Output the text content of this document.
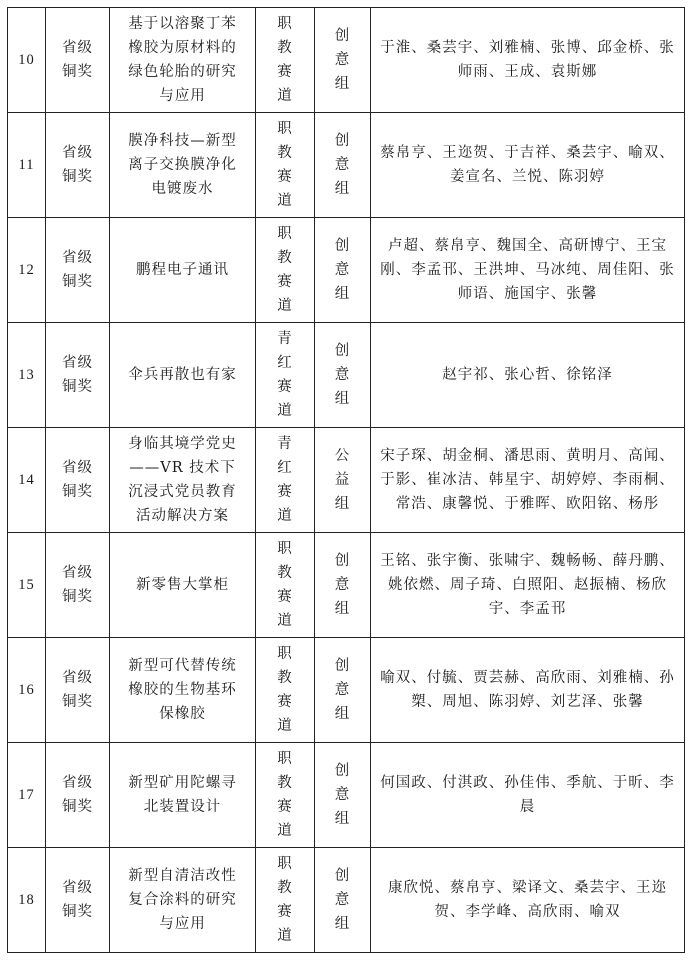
10	省级铜奖	基于以溶聚丁苯橡胶为原材料的绿色轮胎的研究与应用	职教赛道	创意组	于淮、桑芸宇、刘雅楠、张博、邱金桥、张师雨、王成、袁斯娜

11	省级铜奖	膜净科技—新型离子交换膜净化电镀废水	职教赛道	创意组	蔡帛亨、王迩贺、于吉祥、桑芸宇、喻双、姜宣名、兰悦、陈羽婷

12	省级铜奖	鹏程电子通讯	职教赛道	创意组	卢超、蔡帛亨、魏国全、高研博宁、王宝刚、李孟邗、王洪坤、马冰纯、周佳阳、张师语、施国宇、张馨

13	省级铜奖	伞兵再散也有家	青红赛道	创意组	赵宇祁、张心哲、徐铭泽

14	省级铜奖	身临其境学党史——VR 技术下沉浸式党员教育活动解决方案	青红赛道	公益组	宋子琛、胡金桐、潘思雨、黄明月、高闻、于影、崔冰洁、韩星宇、胡婷婷、李雨桐、常浩、康馨悦、于雅晖、欧阳铭、杨彤

15	省级铜奖	新零售大掌柜	职教赛道	创意组	王铭、张宇衡、张啸宇、魏畅畅、薛丹鹏、姚依燃、周子琦、白照阳、赵振楠、杨欣宇、李孟邗

16	省级铜奖	新型可代替传统橡胶的生物基环保橡胶	职教赛道	创意组	喻双、付毓、贾芸赫、高欣雨、刘雅楠、孙槊、周旭、陈羽婷、刘艺泽、张馨

17	省级铜奖	新型矿用陀螺寻北装置设计	职教赛道	创意组	何国政、付淇政、孙佳伟、季航、于昕、李晨

18	省级铜奖	新型自清洁改性复合涂料的研究与应用	职教赛道	创意组	康欣悦、蔡帛亨、梁译文、桑芸宇、王迩贺、李学峰、高欣雨、喻双
